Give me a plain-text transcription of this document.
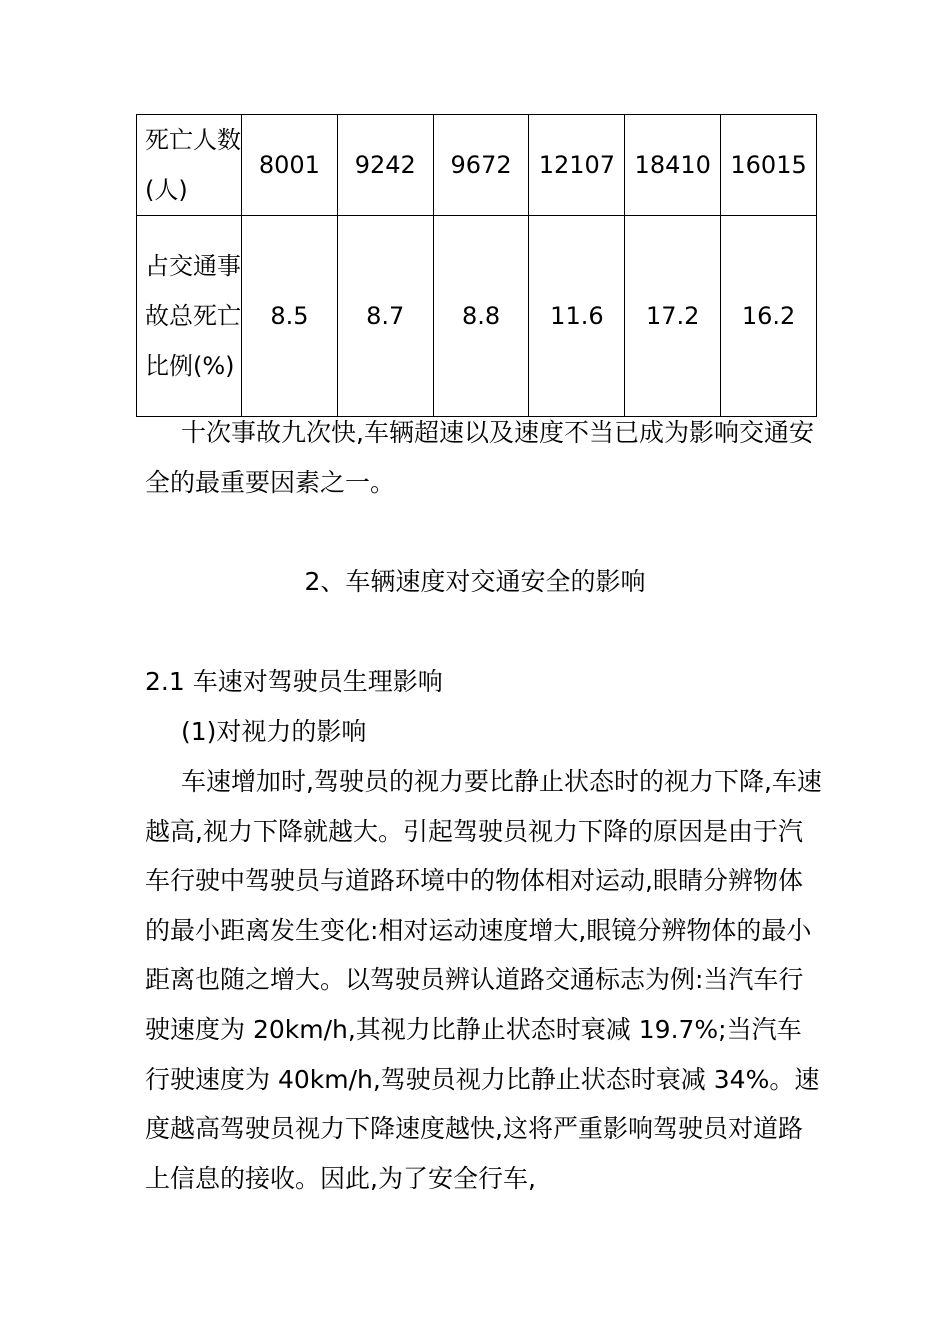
死亡人数(人)	8001	9242	9672	12107	18410	16015
占交通事故总死亡比例(%)	8.5	8.7	8.8	11.6	17.2	16.2

十次事故九次快,车辆超速以及速度不当已成为影响交通安全的最重要因素之一。

2、车辆速度对交通安全的影响

2.1 车速对驾驶员生理影响

(1)对视力的影响

车速增加时,驾驶员的视力要比静止状态时的视力下降,车速越高,视力下降就越大。引起驾驶员视力下降的原因是由于汽车行驶中驾驶员与道路环境中的物体相对运动,眼睛分辨物体的最小距离发生变化:相对运动速度增大,眼镜分辨物体的最小距离也随之增大。以驾驶员辨认道路交通标志为例:当汽车行驶速度为 20km/h,其视力比静止状态时衰减 19.7%;当汽车行驶速度为 40km/h,驾驶员视力比静止状态时衰减 34%。速度越高驾驶员视力下降速度越快,这将严重影响驾驶员对道路上信息的接收。因此,为了安全行车,
